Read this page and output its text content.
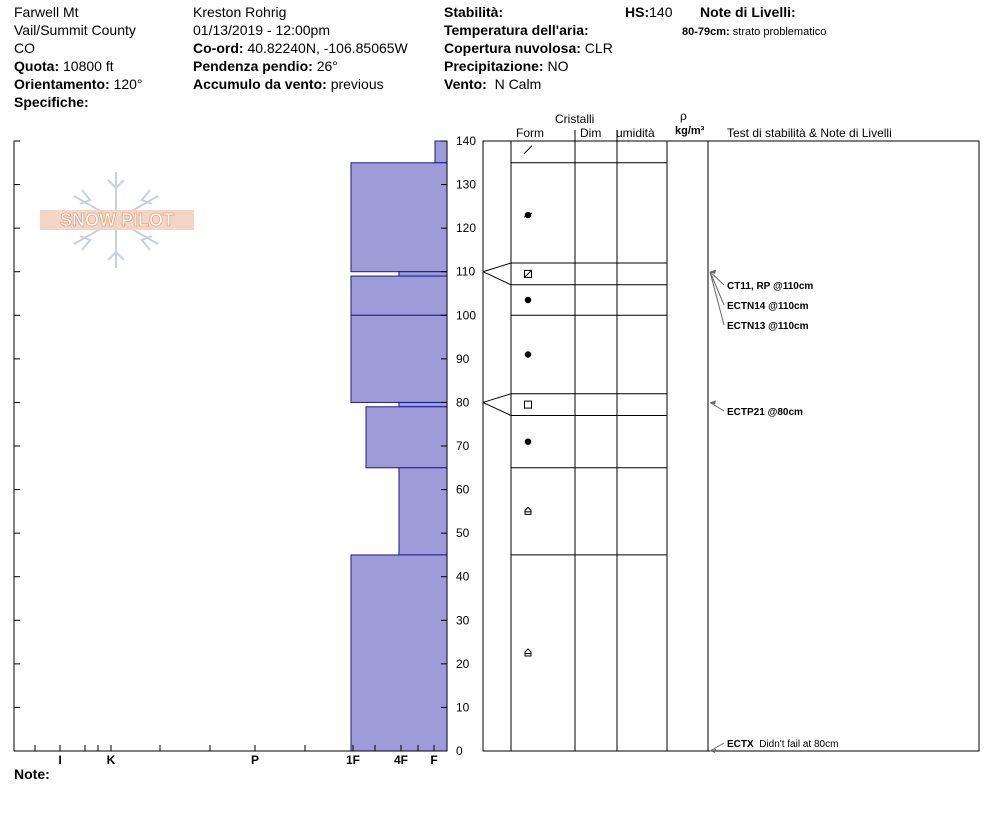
Farwell Mt
Vail/Summit County
CO
Quota: 10800 ft
Orientamento: 120°
Specifiche:
Kreston Rohrig
01/13/2019 - 12:00pm
Co-ord: 40.82240N, -106.85065W
Pendenza pendio: 26°
Accumulo da vento: previous
Stabilità:
Temperatura dell'aria:
Copertura nuvolosa: CLR
Precipitazione: NO
Vento: N Calm
HS:140 Note di Livelli:
80-79cm: strato problematico
Note:
Cristalli
Form	Dim umidità
ρ
kg/m³ Test di stabilità & Note di Livelli
SNOW PILOT
0
10
20
30
40
50
60
70
80
90
100
110
120
130
140
I	K	P	1F	4F F
CT11, RP @110cm
ECTN14 @110cm
ECTN13 @110cm
ECTP21 @80cm
ECTX  Didn't fail at 80cm
